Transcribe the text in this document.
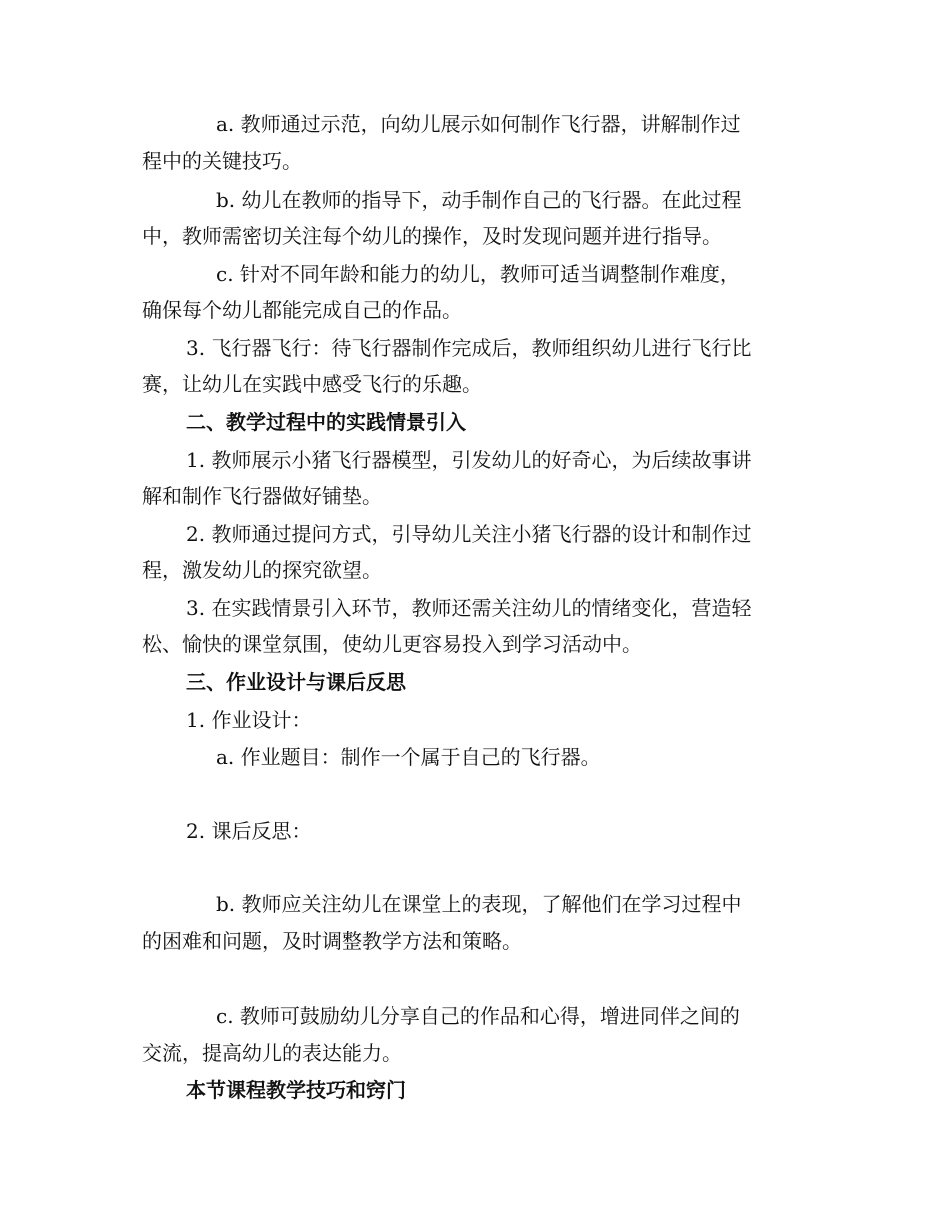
a. 教师通过示范，向幼儿展示如何制作飞行器，讲解制作过
程中的关键技巧。
b. 幼儿在教师的指导下，动手制作自己的飞行器。在此过程
中，教师需密切关注每个幼儿的操作，及时发现问题并进行指导。
c. 针对不同年龄和能力的幼儿，教师可适当调整制作难度，
确保每个幼儿都能完成自己的作品。
3. 飞行器飞行：待飞行器制作完成后，教师组织幼儿进行飞行比
赛，让幼儿在实践中感受飞行的乐趣。
二、教学过程中的实践情景引入
1. 教师展示小猪飞行器模型，引发幼儿的好奇心，为后续故事讲
解和制作飞行器做好铺垫。
2. 教师通过提问方式，引导幼儿关注小猪飞行器的设计和制作过
程，激发幼儿的探究欲望。
3. 在实践情景引入环节，教师还需关注幼儿的情绪变化，营造轻
松、愉快的课堂氛围，使幼儿更容易投入到学习活动中。
三、作业设计与课后反思
1. 作业设计：
a. 作业题目：制作一个属于自己的飞行器。
2. 课后反思：
b. 教师应关注幼儿在课堂上的表现，了解他们在学习过程中
的困难和问题，及时调整教学方法和策略。
c. 教师可鼓励幼儿分享自己的作品和心得，增进同伴之间的
交流，提高幼儿的表达能力。
本节课程教学技巧和窍门
